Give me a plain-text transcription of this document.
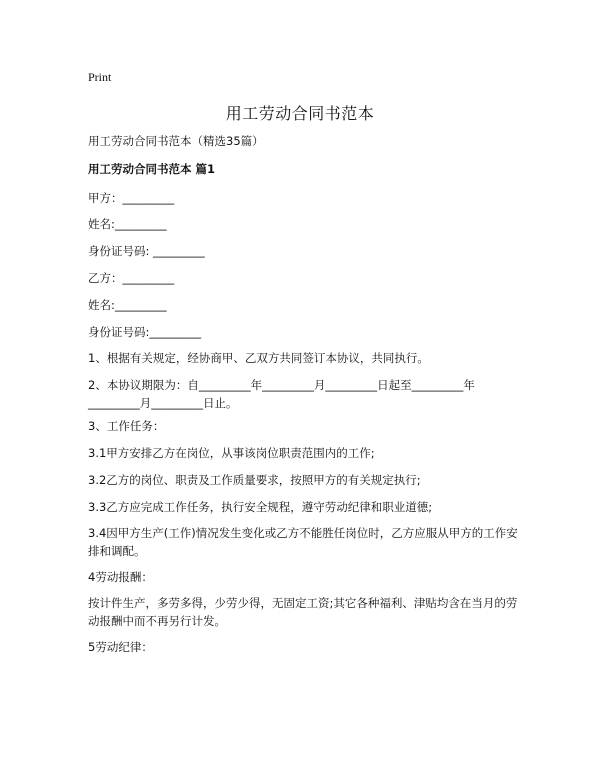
Print
用工劳动合同书范本
用工劳动合同书范本（精选35篇）
用工劳动合同书范本 篇1
甲方：_________
姓名:_________
身份证号码: _________
乙方：_________
姓名:_________
身份证号码:_________
1、根据有关规定，经协商甲、乙双方共同签订本协议，共同执行。
2、本协议期限为：自_________年_________月_________日起至_________年
_________月_________日止。
3、工作任务：
3.1甲方安排乙方在岗位，从事该岗位职责范围内的工作;
3.2乙方的岗位、职责及工作质量要求，按照甲方的有关规定执行;
3.3乙方应完成工作任务，执行安全规程，遵守劳动纪律和职业道德;
3.4因甲方生产(工作)情况发生变化或乙方不能胜任岗位时，乙方应服从甲方的工作安排和调配。
4劳动报酬：
按计件生产，多劳多得，少劳少得，无固定工资;其它各种福利、津贴均含在当月的劳动报酬中而不再另行计发。
5劳动纪律：
